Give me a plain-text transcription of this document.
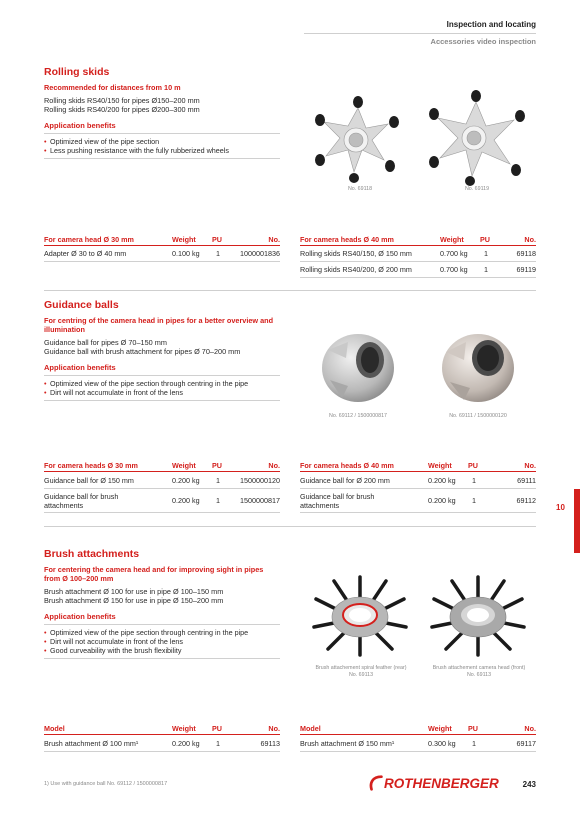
Inspection and locating
Accessories video inspection
Rolling skids
Recommended for distances from 10 m

Rolling skids RS40/150 for pipes Ø150–200 mm

Rolling skids RS40/200 for pipes Ø200–300 mm

Application benefits
• Optimized view of the pipe section
• Less pushing resistance with the fully rubberized wheels
No. 69118	No. 69119
For camera head Ø 30 mm	Weight	PU	No.
Adapter Ø 30 to Ø 40 mm	0.100 kg	1	1000001836
For camera heads Ø 40 mm	Weight	PU	No.
Rolling skids RS40/150, Ø 150 mm	0.700 kg	1	69118
Rolling skids RS40/200, Ø 200 mm	0.700 kg	1	69119
Guidance balls
For centring of the camera head in pipes for a better overview and illumination

Guidance ball for pipes Ø 70–150 mm

Guidance ball with brush attachment for pipes Ø 70–200 mm

Application benefits
• Optimized view of the pipe section through centring in the pipe
• Dirt will not accumulate in front of the lens
No. 69112 / 1500000817	No. 69111 / 1500000120
For camera heads Ø 30 mm	Weight	PU	No.
Guidance ball for Ø 150 mm	0.200 kg	1	1500000120
Guidance ball for brush attachments	0.200 kg	1	1500000817
For camera heads Ø 40 mm	Weight	PU	No.
Guidance ball for Ø 200 mm	0.200 kg	1	69111
Guidance ball for brush attachments	0.200 kg	1	69112
10
Brush attachments
For centering the camera head and for improving sight in pipes from Ø 100–200 mm

Brush attachment Ø 100 for use in pipe Ø 100–150 mm

Brush attachment Ø 150 for use in pipe Ø 150–200 mm

Application benefits
• Optimized view of the pipe section through centring in the pipe
• Dirt will not accumulate in front of the lens
• Good curveability with the brush flexibility
Brush attachement spiral feather (rear)
No. 69113
Brush attachement camera head (front)
No. 69113
Model	Weight	PU	No.
Brush attachment Ø 100 mm¹	0.200 kg	1	69113
Model	Weight	PU	No.
Brush attachment Ø 150 mm¹	0.300 kg	1	69117
1) Use with guidance ball No. 69112 / 1500000817	ROTHENBERGER	243
